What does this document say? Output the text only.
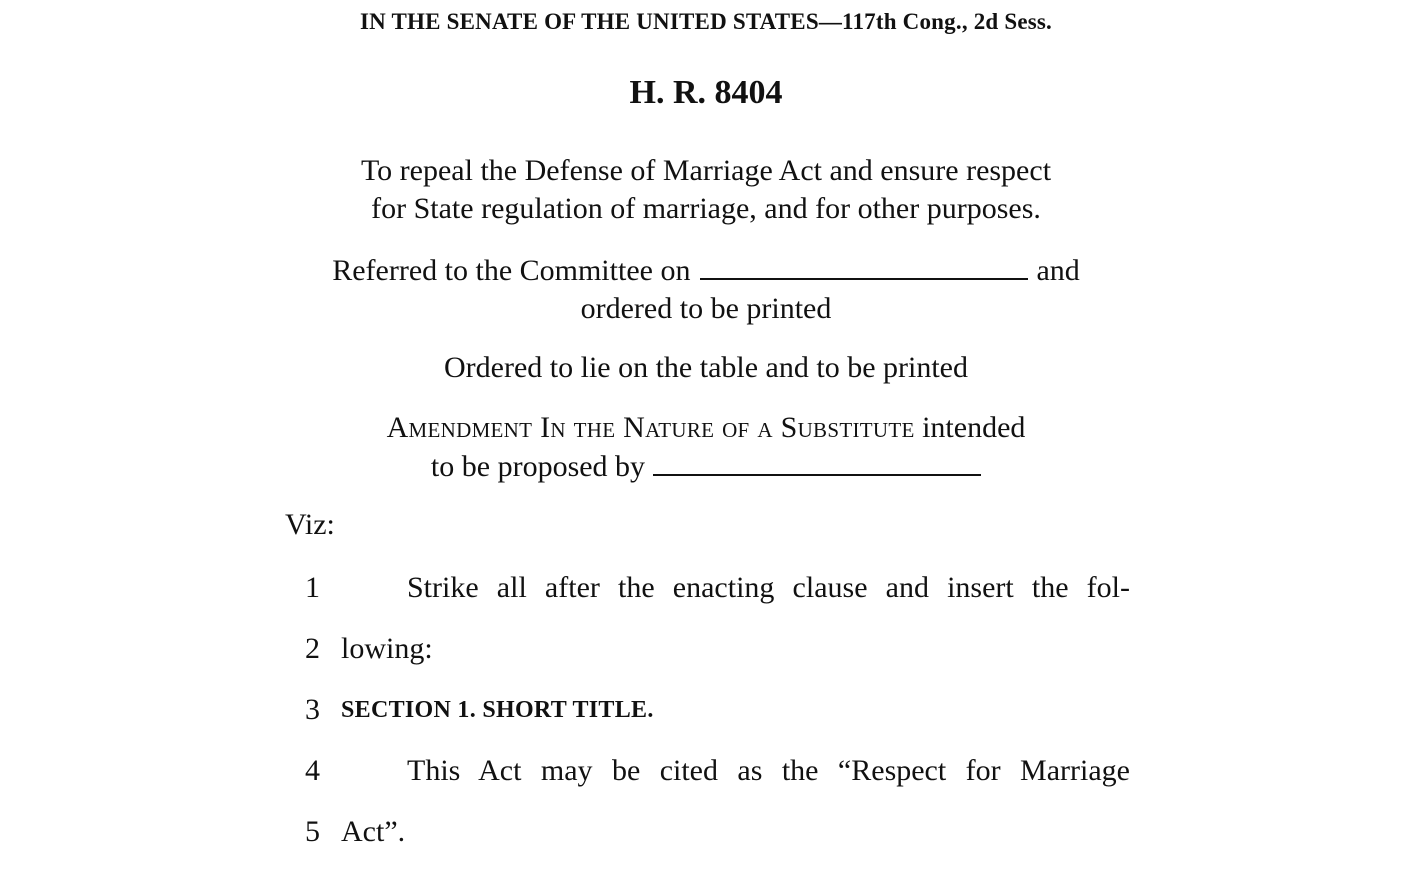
IN THE SENATE OF THE UNITED STATES—117th Cong., 2d Sess.
H. R. 8404
To repeal the Defense of Marriage Act and ensure respect
for State regulation of marriage, and for other purposes.
Referred to the Committee on	and
ordered to be printed
Ordered to lie on the table and to be printed
Amendment In the Nature of a Substitute intended
to be proposed by
Viz:
1	Strike all after the enacting clause and insert the fol-
2 lowing:
3 SECTION 1. SHORT TITLE.
4	This Act may be cited as the “Respect for Marriage
5 Act”.
